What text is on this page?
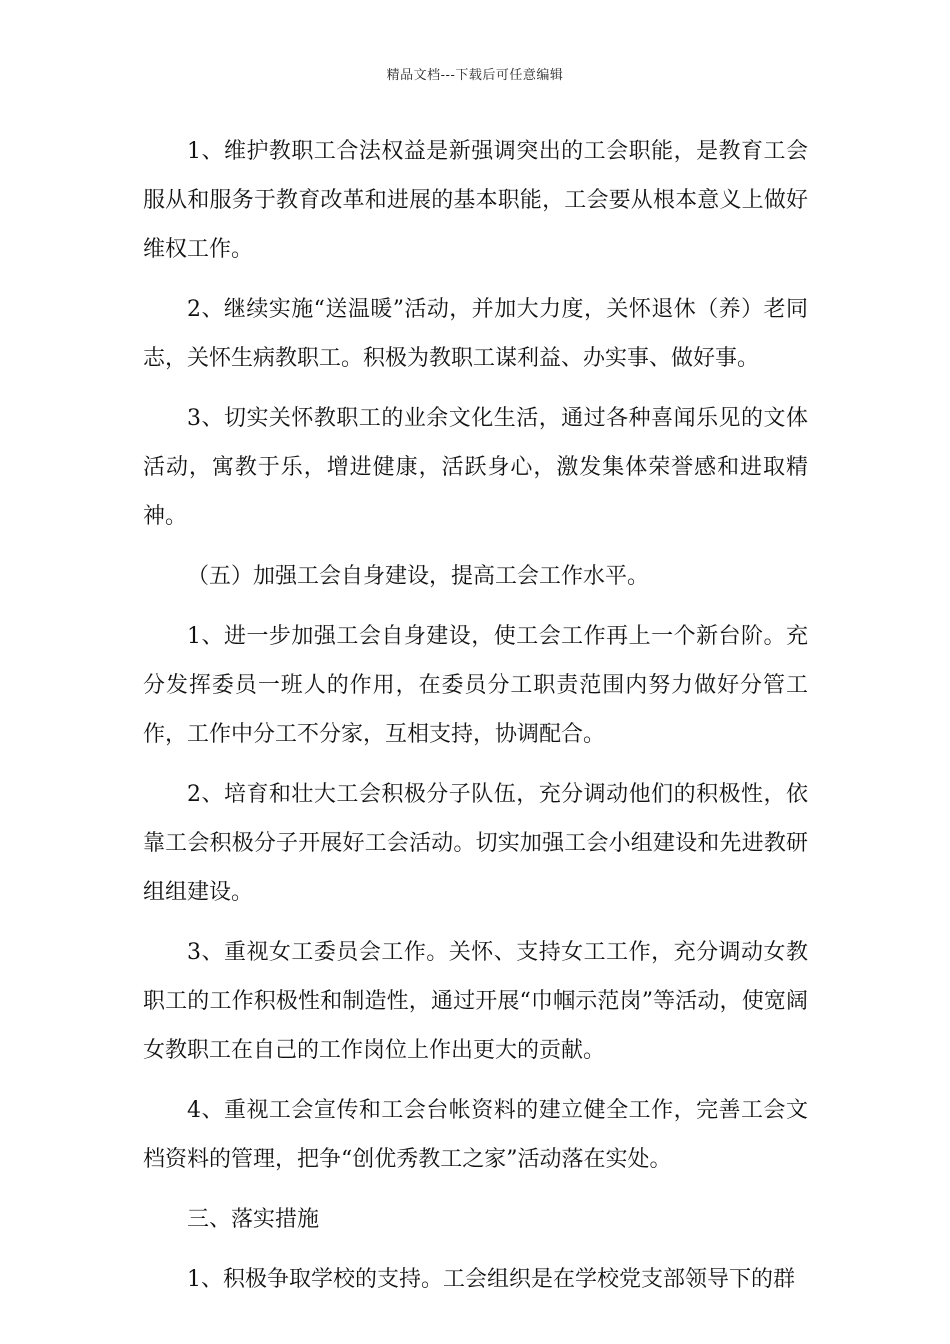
精品文档---下载后可任意编辑

1、维护教职工合法权益是新强调突出的工会职能，是教育工会服从和服务于教育改革和进展的基本职能，工会要从根本意义上做好维权工作。

2、继续实施“送温暖”活动，并加大力度，关怀退休（养）老同志，关怀生病教职工。积极为教职工谋利益、办实事、做好事。

3、切实关怀教职工的业余文化生活，通过各种喜闻乐见的文体活动，寓教于乐，增进健康，活跃身心，激发集体荣誉感和进取精神。

（五）加强工会自身建设，提高工会工作水平。

1、进一步加强工会自身建设，使工会工作再上一个新台阶。充分发挥委员一班人的作用，在委员分工职责范围内努力做好分管工作，工作中分工不分家，互相支持，协调配合。

2、培育和壮大工会积极分子队伍，充分调动他们的积极性，依靠工会积极分子开展好工会活动。切实加强工会小组建设和先进教研组组建设。

3、重视女工委员会工作。关怀、支持女工工作，充分调动女教职工的工作积极性和制造性，通过开展“巾帼示范岗”等活动，使宽阔女教职工在自己的工作岗位上作出更大的贡献。

4、重视工会宣传和工会台帐资料的建立健全工作，完善工会文档资料的管理，把争“创优秀教工之家”活动落在实处。

三、落实措施

1、积极争取学校的支持。工会组织是在学校党支部领导下的群
